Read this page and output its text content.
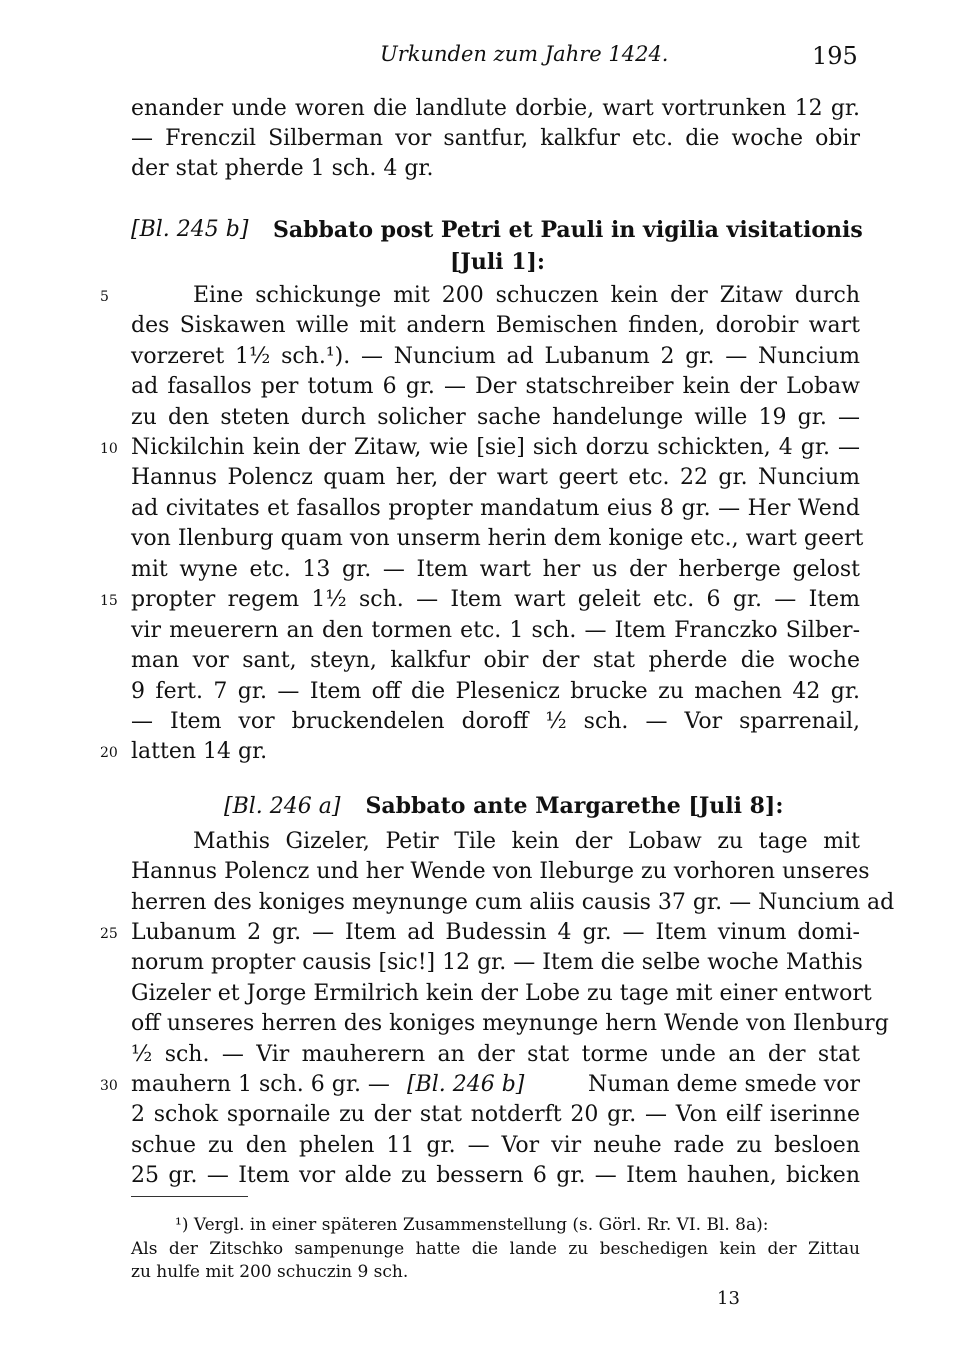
Urkunden zum Jahre 1424.	195
enander unde woren die landlute dorbie, wart vortrunken 12 gr.
— Frenczil Silberman vor santfur, kalkfur etc. die woche obir
der stat pherde 1 sch. 4 gr.
[Bl. 245 b] Sabbato post Petri et Pauli in vigilia visitationis
[Juli 1]:
Eine schickunge mit 200 schuczen kein der Zitaw durch
des Siskawen wille mit andern Bemischen finden, dorobir wart
vorzeret 1½ sch.¹). — Nuncium ad Lubanum 2 gr. — Nuncium
ad fasallos per totum 6 gr. — Der statschreiber kein der Lobaw
zu den steten durch solicher sache handelunge wille 19 gr. —
Nickilchin kein der Zitaw, wie [sie] sich dorzu schickten, 4 gr. —
Hannus Polencz quam her, der wart geert etc. 22 gr. Nuncium
ad civitates et fasallos propter mandatum eius 8 gr. — Her Wend
von Ilenburg quam von unserm herin dem konige etc., wart geert
mit wyne etc. 13 gr. — Item wart her us der herberge gelost
propter regem 1½ sch. — Item wart geleit etc. 6 gr. — Item
vir meuerern an den tormen etc. 1 sch. — Item Franczko Silber-
man vor sant, steyn, kalkfur obir der stat pherde die woche
9 fert. 7 gr. — Item off die Plesenicz brucke zu machen 42 gr.
— Item vor bruckendelen doroff ½ sch. — Vor sparrenail,
latten 14 gr.
[Bl. 246 a] Sabbato ante Margarethe [Juli 8]:
Mathis Gizeler, Petir Tile kein der Lobaw zu tage mit
Hannus Polencz und her Wende von Ileburge zu vorhoren unseres
herren des koniges meynunge cum aliis causis 37 gr. — Nuncium ad
Lubanum 2 gr. — Item ad Budessin 4 gr. — Item vinum domi-
norum propter causis [sic!] 12 gr. — Item die selbe woche Mathis
Gizeler et Jorge Ermilrich kein der Lobe zu tage mit einer entwort
off unseres herren des koniges meynunge hern Wende von Ilenburg
½ sch. — Vir mauherern an der stat torme unde an der stat
mauhern 1 sch. 6 gr. — [Bl. 246 b]	Numan deme smede vor
2 schok spornaile zu der stat notderft 20 gr. — Von eilf iserinne
schue zu den phelen 11 gr. — Vor vir neuhe rade zu besloen
25 gr. — Item vor alde zu bessern 6 gr. — Item hauhen, bicken
5
10
15
20
25
30
¹) Vergl. in einer späteren Zusammenstellung (s. Görl. Rr. VI. Bl. 8a):
Als der Zitschko sampenunge hatte die lande zu beschedigen kein der Zittau
zu hulfe mit 200 schuczin 9 sch.
13
